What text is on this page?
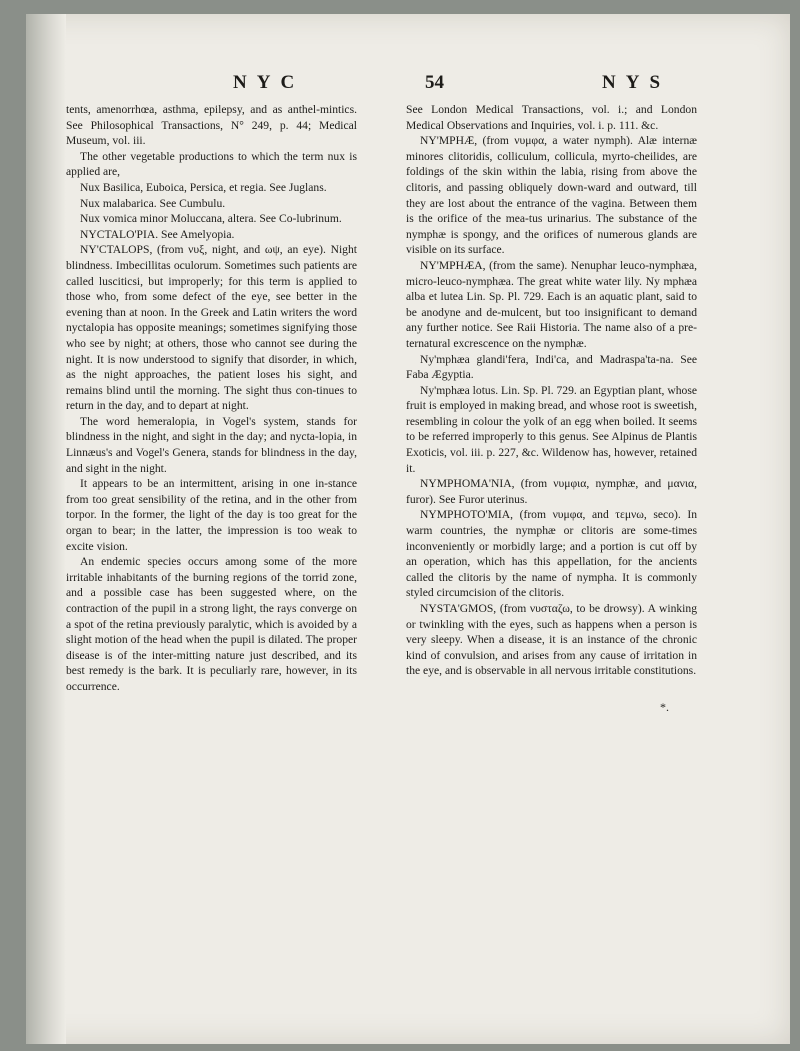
N Y C	54	N Y S

tents, amenorrhœa, asthma, epilepsy, and as anthel-mintics. See Philosophical Transactions, N° 249, p. 44; Medical Museum, vol. iii.

The other vegetable productions to which the term nux is applied are,

Nux Basilica, Euboica, Persica, et regia. See Juglans.

Nux malabarica. See Cumbulu.

Nux vomica minor Moluccana, altera. See Co-lubrinum.

NYCTALO'PIA. See Amelyopia.

NY'CTALOPS, (from νυξ, night, and ωψ, an eye). Night blindness. Imbecillitas oculorum. Sometimes such patients are called lusciticsi, but improperly; for this term is applied to those who, from some defect of the eye, see better in the evening than at noon. In the Greek and Latin writers the word nyctalopia has opposite meanings; sometimes signifying those who see by night; at others, those who cannot see during the night. It is now understood to signify that disorder, in which, as the night approaches, the patient loses his sight, and remains blind until the morning. The sight thus con-tinues to return in the day, and to depart at night.

The word hemeralopia, in Vogel's system, stands for blindness in the night, and sight in the day; and nycta-lopia, in Linnæus's and Vogel's Genera, stands for blindness in the day, and sight in the night.

It appears to be an intermittent, arising in one in-stance from too great sensibility of the retina, and in the other from torpor. In the former, the light of the day is too great for the organ to bear; in the latter, the impression is too weak to excite vision.

An endemic species occurs among some of the more irritable inhabitants of the burning regions of the torrid zone, and a possible case has been suggested where, on the contraction of the pupil in a strong light, the rays converge on a spot of the retina previously paralytic, which is avoided by a slight motion of the head when the pupil is dilated. The proper disease is of the inter-mitting nature just described, and its best remedy is the bark. It is peculiarly rare, however, in its occurrence.

See London Medical Transactions, vol. i.; and London Medical Observations and Inquiries, vol. i. p. 111. &c.

NY'MPHÆ, (from νυμφα, a water nymph). Alæ internæ minores clitoridis, colliculum, collicula, myrto-cheilides, are foldings of the skin within the labia, rising from above the clitoris, and passing obliquely down-ward and outward, till they are lost about the entrance of the vagina. Between them is the orifice of the mea-tus urinarius. The substance of the nymphæ is spongy, and the orifices of numerous glands are visible on its surface.

NY'MPHÆA, (from the same). Nenuphar leuco-nymphæa, micro-leuco-nymphæa. The great white water lily. Ny mphæa alba et lutea Lin. Sp. Pl. 729. Each is an aquatic plant, said to be anodyne and de-mulcent, but too insignificant to demand any further notice. See Raii Historia. The name also of a pre-ternatural excrescence on the nymphæ.

Ny'mphæa glandi'fera, Indi'ca, and Madraspa'ta-na. See Faba Ægyptia.

Ny'mphæa lotus. Lin. Sp. Pl. 729. an Egyptian plant, whose fruit is employed in making bread, and whose root is sweetish, resembling in colour the yolk of an egg when boiled. It seems to be referred improperly to this genus. See Alpinus de Plantis Exoticis, vol. iii. p. 227, &c. Wildenow has, however, retained it.

NYMPHOMA'NIA, (from νυμφια, nymphæ, and μανια, furor). See Furor uterinus.

NYMPHOTO'MIA, (from νυμφα, and τεμνω, seco). In warm countries, the nymphæ or clitoris are some-times inconveniently or morbidly large; and a portion is cut off by an operation, which has this appellation, for the ancients called the clitoris by the name of nympha. It is commonly styled circumcision of the clitoris.

NYSTA'GMOS, (from νυσταζω, to be drowsy). A winking or twinkling with the eyes, such as happens when a person is very sleepy. When a disease, it is an instance of the chronic kind of convulsion, and arises from any cause of irritation in the eye, and is observable in all nervous irritable constitutions.

*.
